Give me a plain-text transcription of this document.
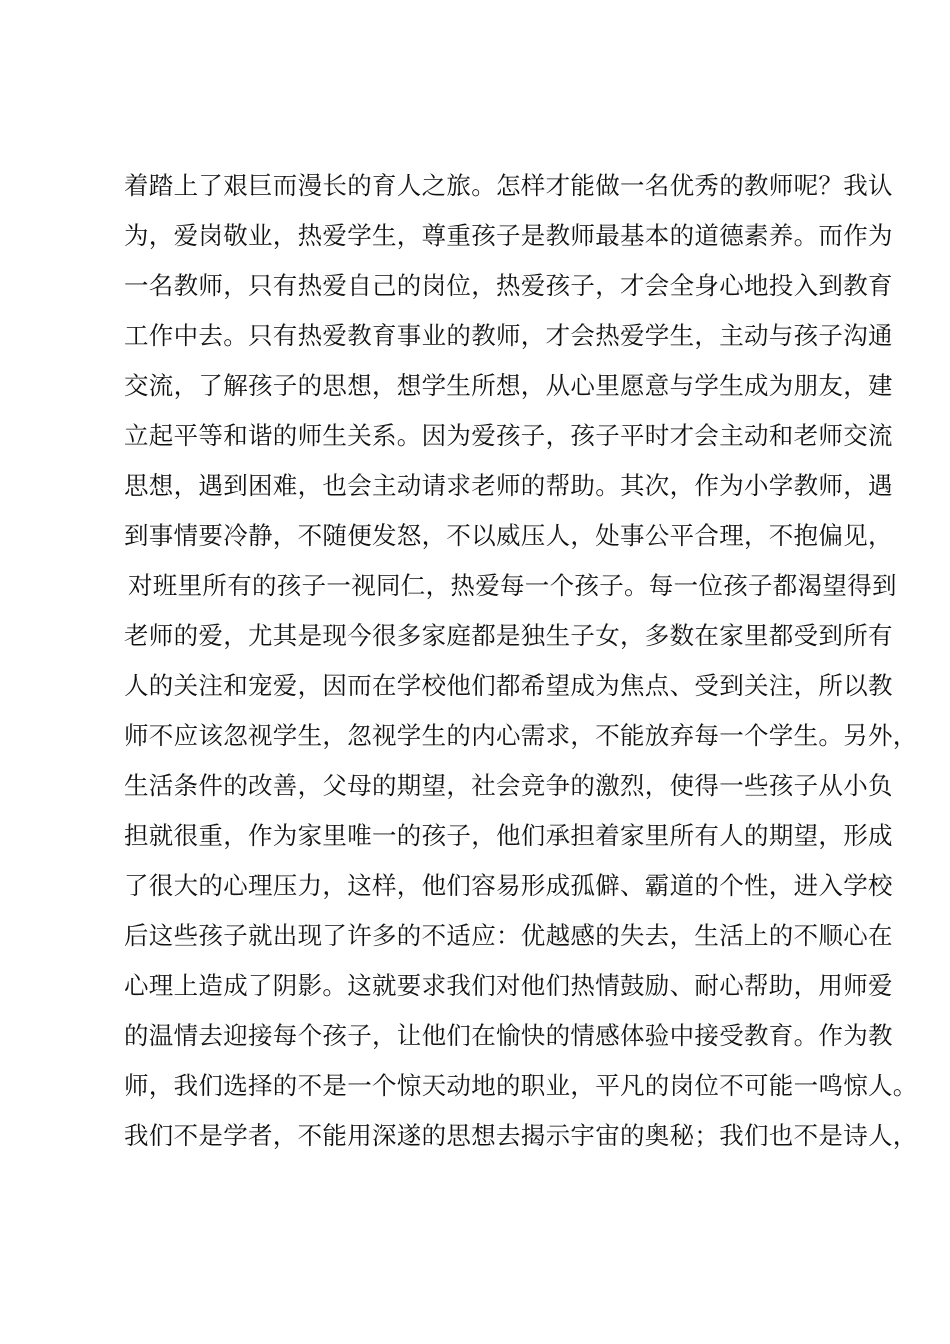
着踏上了艰巨而漫长的育人之旅。怎样才能做一名优秀的教师呢？我认
为，爱岗敬业，热爱学生，尊重孩子是教师最基本的道德素养。而作为
一名教师，只有热爱自己的岗位，热爱孩子，才会全身心地投入到教育
工作中去。只有热爱教育事业的教师，才会热爱学生，主动与孩子沟通
交流，了解孩子的思想，想学生所想，从心里愿意与学生成为朋友，建
立起平等和谐的师生关系。因为爱孩子，孩子平时才会主动和老师交流
思想，遇到困难，也会主动请求老师的帮助。其次，作为小学教师，遇
到事情要冷静，不随便发怒，不以威压人，处事公平合理，不抱偏见，
对班里所有的孩子一视同仁，热爱每一个孩子。每一位孩子都渴望得到
老师的爱，尤其是现今很多家庭都是独生子女，多数在家里都受到所有
人的关注和宠爱，因而在学校他们都希望成为焦点、受到关注，所以教
师不应该忽视学生，忽视学生的内心需求，不能放弃每一个学生。另外，
生活条件的改善，父母的期望，社会竞争的激烈，使得一些孩子从小负
担就很重，作为家里唯一的孩子，他们承担着家里所有人的期望，形成
了很大的心理压力，这样，他们容易形成孤僻、霸道的个性，进入学校
后这些孩子就出现了许多的不适应：优越感的失去，生活上的不顺心在
心理上造成了阴影。这就要求我们对他们热情鼓励、耐心帮助，用师爱
的温情去迎接每个孩子，让他们在愉快的情感体验中接受教育。作为教
师，我们选择的不是一个惊天动地的职业，平凡的岗位不可能一鸣惊人。
我们不是学者，不能用深遂的思想去揭示宇宙的奥秘；我们也不是诗人，
